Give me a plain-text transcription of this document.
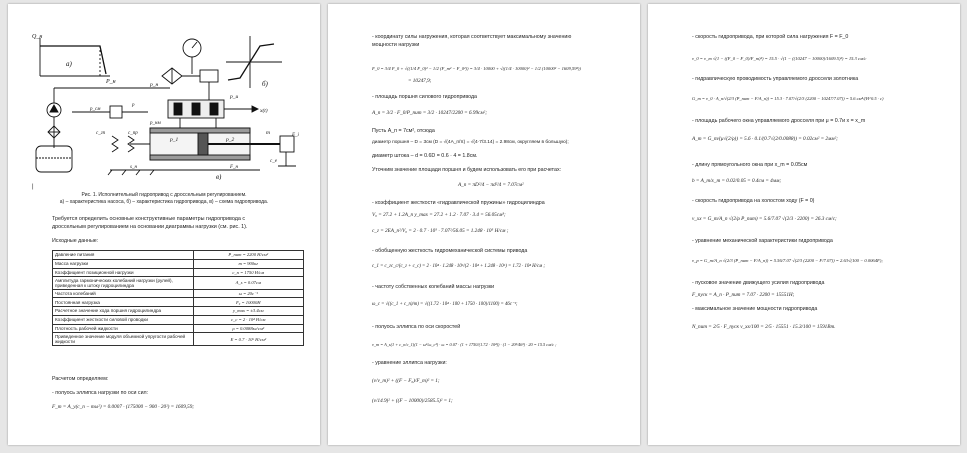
Q_н
P_н
а)
p_и
x(t)
p_н
p_1	p_2
c_гп	c_пр	m	F_i
c_е
p_нм
s_н	F_н
p_см
p
в)
б)
|
Рис. 1. Исполнительный гидропривод с дроссельным регулированием.
а) – характеристика насоса, б) – характеристика гидропривода, в) – схема гидропривода.
Требуется определить основные конструктивные параметры гидропривода с
дроссельным регулированием на основании диаграммы нагрузки (см. рис. 1).
Исходные данные:
Давление питания	P_пит = 2200 Н/см²
Масса нагрузки	m = 900кг
Коэффициент позиционной нагрузки	c_п = 1750 Н/см
Амплитуда гармонических колебаний нагрузки (рулей), приведенная к штоку гидроцилиндра	A_s = 0.07см
Частота колебаний	ω = 20с⁻¹
Постоянная нагрузка	F₀ = 10000Н
Расчетное значение хода поршня гидроцилиндра	y_max = ±3.4см
Коэффициент жесткости силовой проводки	c_с = 2 · 10⁴ Н/см
Плотность рабочей жидкости	ρ = 0.0088кг/см³
Приведенное значение модуля объемной упругости рабочей жидкости	E = 0.7 · 10⁵ Н/см²
Расчетом определяем:
- полуось эллипса нагрузки по оси сил:
F_m = A_y(c_п − mω²) = 0.0007 · (175000 − 900 · 20²) = 1609,59;
- координату силы нагружения, которая соответствует максимальному значению
мощности нагрузки
F_0 = 3/4 F_0 + √((1/4 F_0)² − 1/2 (F_m² − F_0²)) = 3/4 · 10000 + √((1/4 · 10000)² − 1/2 (10000² − 1609,59²))
= 10247,9;
- площадь поршня силового гидропривода
A_п = 3/2 · F_0/P_пит = 3/2 · 10247/2200 = 6.99см²;
Пусть A_п = 7см², отсюда
диаметр поршня – D = 3см (D = √(4A_п/π) = √(4·7/3.14) = 2.98см, округляем в большую);
диаметр штока – d = 0.6D = 0.6 · 4 = 1.8см.
Уточним значение площади поршня и будем использовать его при расчетах:
A_п = πD²/4 − πd²/4 = 7.07см²
- коэффициент жесткости «гидравлической пружины» гидроцилиндра
V₀ = 27.2 + 1.2A_п y_max = 27.2 + 1.2 · 7.07 · 3.4 = 56.05см³;
c_г = 2EA_п²/V₀ = 2 · 0.7 · 10⁵ · 7.07²/56.05 = 1.248 · 10⁵ Н/см ;
- обобщенную жесткость гидромеханической системы привода
c_1 = c_гc_с/(c_г + c_с) = 2 · 10⁴ · 1.248 · 10⁵/(2 · 10⁴ + 1.248 · 10⁵) = 1.72 · 10⁴ Н/см ;
- частоту собственных колебаний массы нагрузки
ω_с = √((c_1 + c_п)/m) = √((1.72 · 10⁴ · 100 + 1750 · 100)/1100) = 46с⁻¹;
- полуось эллипса по оси скоростей
v_m = A_s(1 + c_п/c_1)(1 − ω²/ω_с²) · ω = 0.07 · (1 + 1750/(1.72 · 10⁴)) · (1 − 20²/46²) · 20 = 15.5 см/с ;
- уравнение эллипса нагрузки:
(v/v_m)² + ((F − F₀)/F_m)² = 1;
(v/14.9)² + ((F − 10000)/2585.5)² = 1;
- скорость гидропривода, при которой сила нагружения F = F_0
v_0 = v_m √(1 − ((F_0 − F_0)/F_m)²) = 15.5 · √(1 − ((10247 − 10000)/1609.5)²) = 15.3 см/с
- гидравлическую проводимость управляемого дроссели золотника
G_m = v_0 · A_п/√(2/3 (P_пит − F/A_п)) = 15.3 · 7.07/√(2/3 (2200 − 10247/7.07)) = 5.6 см⁴/(Н^0.5 · с)
- площадь рабочего окна управляемого дросселя при μ = 0.7и x = x_m
A_m = G_m/(μ√(2/ρ)) = 5.6 · 0.1/(0.7√(2/0.0088)) = 0.02см² = 2мм²;
- длину прямоугольного окна при x_m = 0.05см
b = A_m/x_m = 0.02/0.05 = 0.4см = 4мм;
- скорость гидропривода на холостом ходу (F = 0)
v_xx = G_m/A_п √(2/ρ P_пит) = 5.6/7.07 √(2/3 · 2200) = 26.3 см/с;
- уравнение механической характеристики гидропривода
v_p = G_m/A_п √(2/3 (P_пит − F/A_п)) = 5.56/7.07 √(2/3 (2200 − F/7.07)) = 2.63√(100 − 0.0064F);
- пусковое значение движущего усилия гидропривода
F_пуск = A_п · P_пит = 7.07 · 2200 = 15551Н;
- максимальное значение мощности гидропривода
N_пит = 2/5 · F_пуск v_xx/100 = 2/5 · 15551 · 15.3/100 = 1591Вт.
